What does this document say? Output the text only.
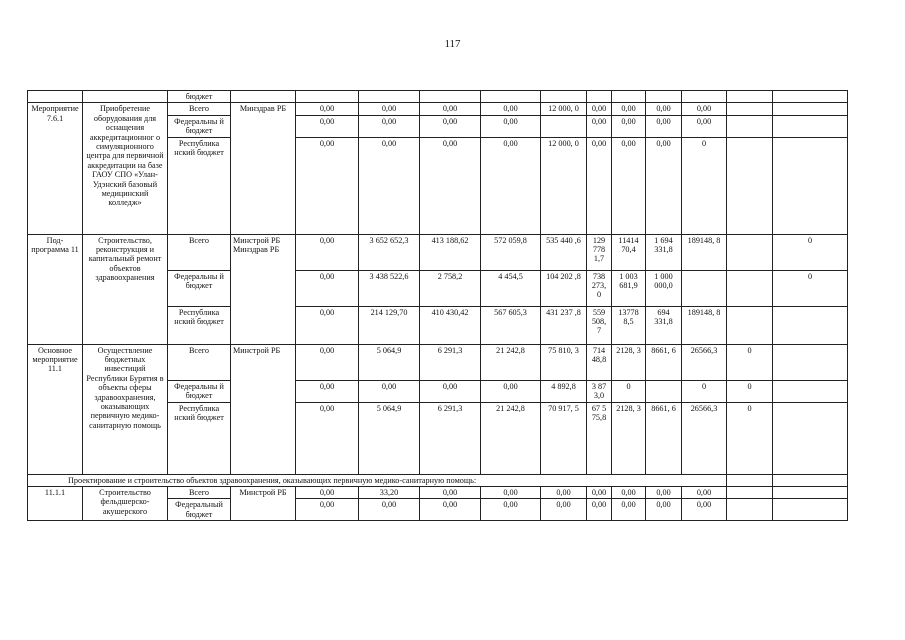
117
		бюджет												
Мероприятие 7.6.1	Приобретение оборудования для оснащения аккредитационног о симуляционного центра для первичной аккредитации на базе ГАОУ СПО «Улан-Удэнский базовый медицинский колледж»	Всего	Минздрав РБ	0,00	0,00	0,00	0,00	12 000, 0	0,00	0,00	0,00	0,00		
		Федеральны й бюджет		0,00	0,00	0,00	0,00		0,00	0,00	0,00	0,00		
		Республика нский бюджет		0,00	0,00	0,00	0,00	12 000, 0	0,00	0,00	0,00	0		
Под- программа 11	Строительство, реконструкция и капитальный ремонт объектов здравоохранения	Всего	Минстрой РБ Минздрав РБ	0,00	3 652 652,3	413 188,62	572 059,8	535 440 ,6	129 778 1,7	11414 70,4	1 694 331,8	189148, 8		0
		Федеральны й бюджет		0,00	3 438 522,6	2 758,2	4 454,5	104 202 ,8	738 273, 0	1 003 681,9	1 000 000,0			0
		Республика нский бюджет		0,00	214 129,70	410 430,42	567 605,3	431 237 ,8	559 508, 7	13778 8,5	694 331,8	189148, 8		
Основное мероприятие 11.1	Осуществление бюджетных инвестиций Республики Бурятия в объекты сферы здравоохранения, оказывающих первичную медико- санитарную помощь	Всего	Минстрой РБ	0,00	5 064,9	6 291,3	21 242,8	75 810, 3	714 48,8	2128, 3	8661, 6	26566,3	0	
		Федеральны й бюджет		0,00	0,00	0,00	0,00	4 892,8	3 87 3,0	0		0	0	
		Республика нский бюджет		0,00	5 064,9	6 291,3	21 242,8	70 917, 5	67 5 75,8	2128, 3	8661, 6	26566,3	0	
Проектирование и строительство объектов здравоохранения, оказывающих первичную медико-санитарную помощь:														
11.1.1	Строительство фельдшерско- акушерского	Всего	Минстрой РБ	0,00	33,20	0,00	0,00	0,00	0,00	0,00	0,00	0,00		
		Федеральный бюджет		0,00	0,00	0,00	0,00	0,00	0,00	0,00	0,00	0,00		
